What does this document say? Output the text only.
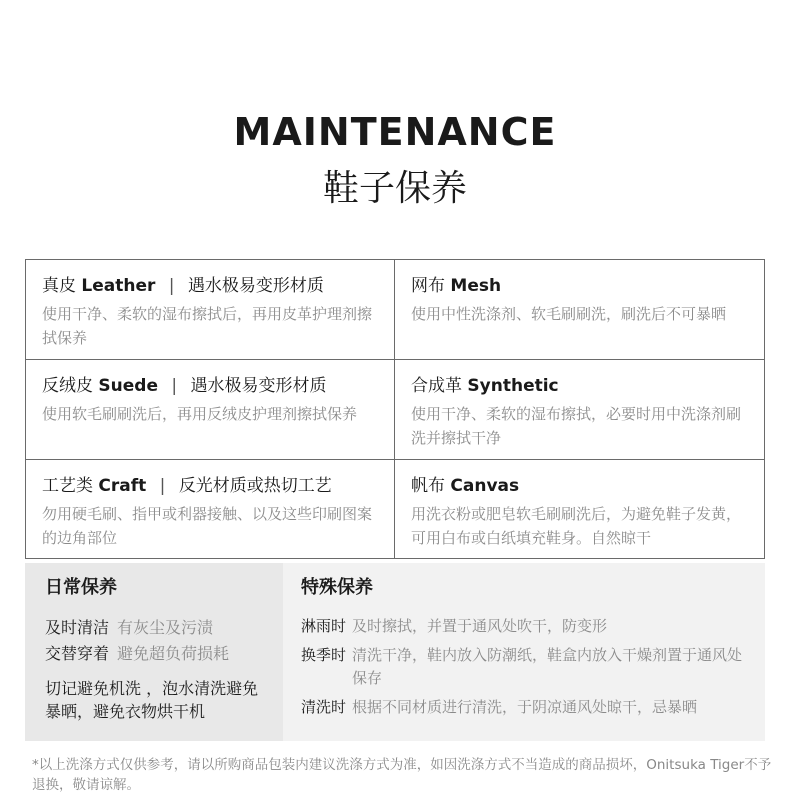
MAINTENANCE
鞋子保养
真皮 Leather | 遇水极易变形材质
使用干净、柔软的湿布擦拭后，再用皮革护理剂擦拭保养
网布 Mesh
使用中性洗涤剂、软毛刷刷洗，刷洗后不可暴晒
反绒皮 Suede | 遇水极易变形材质
使用软毛刷刷洗后，再用反绒皮护理剂擦拭保养
合成革 Synthetic
使用干净、柔软的湿布擦拭，必要时用中洗涤剂刷洗并擦拭干净
工艺类 Craft | 反光材质或热切工艺
勿用硬毛刷、指甲或利器接触、以及这些印刷图案的边角部位
帆布 Canvas
用洗衣粉或肥皂软毛刷刷洗后，为避免鞋子发黄，可用白布或白纸填充鞋身。自然晾干
日常保养
及时清洁 有灰尘及污渍
交替穿着 避免超负荷损耗
切记避免机洗 ，泡水清洗避免暴晒，避免衣物烘干机
特殊保养
淋雨时 及时擦拭，并置于通风处吹干，防变形
换季时 清洗干净，鞋内放入防潮纸，鞋盒内放入干燥剂置于通风处保存
清洗时 根据不同材质进行清洗，于阴凉通风处晾干，忌暴晒
*以上洗涤方式仅供参考，请以所购商品包装内建议洗涤方式为准，如因洗涤方式不当造成的商品损坏，Onitsuka Tiger不予退换，敬请谅解。
